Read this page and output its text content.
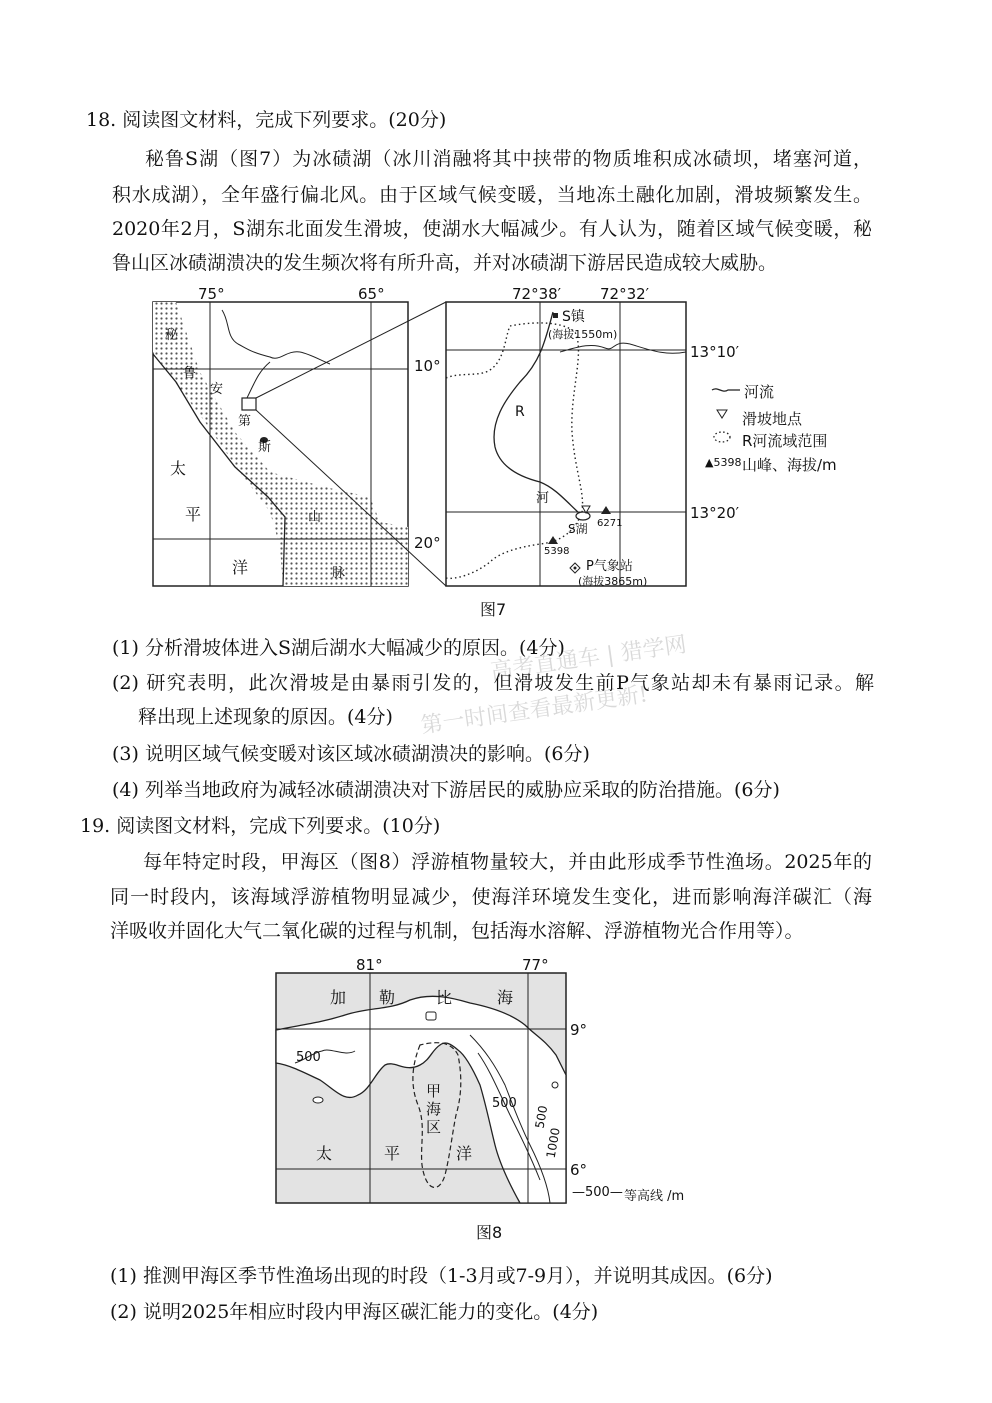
18. 阅读图文材料，完成下列要求。(20分)
秘鲁S湖（图7）为冰碛湖（冰川消融将其中挟带的物质堆积成冰碛坝，堵塞河道，
积水成湖），全年盛行偏北风。由于区域气候变暖，当地冻土融化加剧，滑坡频繁发生。
2020年2月，S湖东北面发生滑坡，使湖水大幅减少。有人认为，随着区域气候变暖，秘
鲁山区冰碛湖溃决的发生频次将有所升高，并对冰碛湖下游居民造成较大威胁。
75°	65°
10°
20°
秘
鲁
太
平
洋
安
第
斯
山
脉
72°38′	72°32′
13°10′
13°20′
S镇
(海拔1550m)
R
河
S湖 6271
5398
P气象站
(海拔3865m)
河流
滑坡地点
R河流域范围
▲5398 山峰、海拔/m
图7
(1) 分析滑坡体进入S湖后湖水大幅减少的原因。(4分)
(2) 研究表明，此次滑坡是由暴雨引发的，但滑坡发生前P气象站却未有暴雨记录。解
释出现上述现象的原因。(4分)
(3) 说明区域气候变暖对该区域冰碛湖溃决的影响。(6分)
(4) 列举当地政府为减轻冰碛湖溃决对下游居民的威胁应采取的防治措施。(6分)
高考直通车 | 猎学网
第一时间查看最新更新!
19. 阅读图文材料，完成下列要求。(10分)
每年特定时段，甲海区（图8）浮游植物量较大，并由此形成季节性渔场。2025年的
同一时段内，该海域浮游植物明显减少，使海洋环境发生变化，进而影响海洋碳汇（海
洋吸收并固化大气二氧化碳的过程与机制，包括海水溶解、浮游植物光合作用等）。
81°	77°
9°
6°
加 勒	比	海
太	平	洋
甲
海
区
500
500
500
1000
—500— 等高线 /m
图8
(1) 推测甲海区季节性渔场出现的时段（1-3月或7-9月），并说明其成因。(6分)
(2) 说明2025年相应时段内甲海区碳汇能力的变化。(4分)
